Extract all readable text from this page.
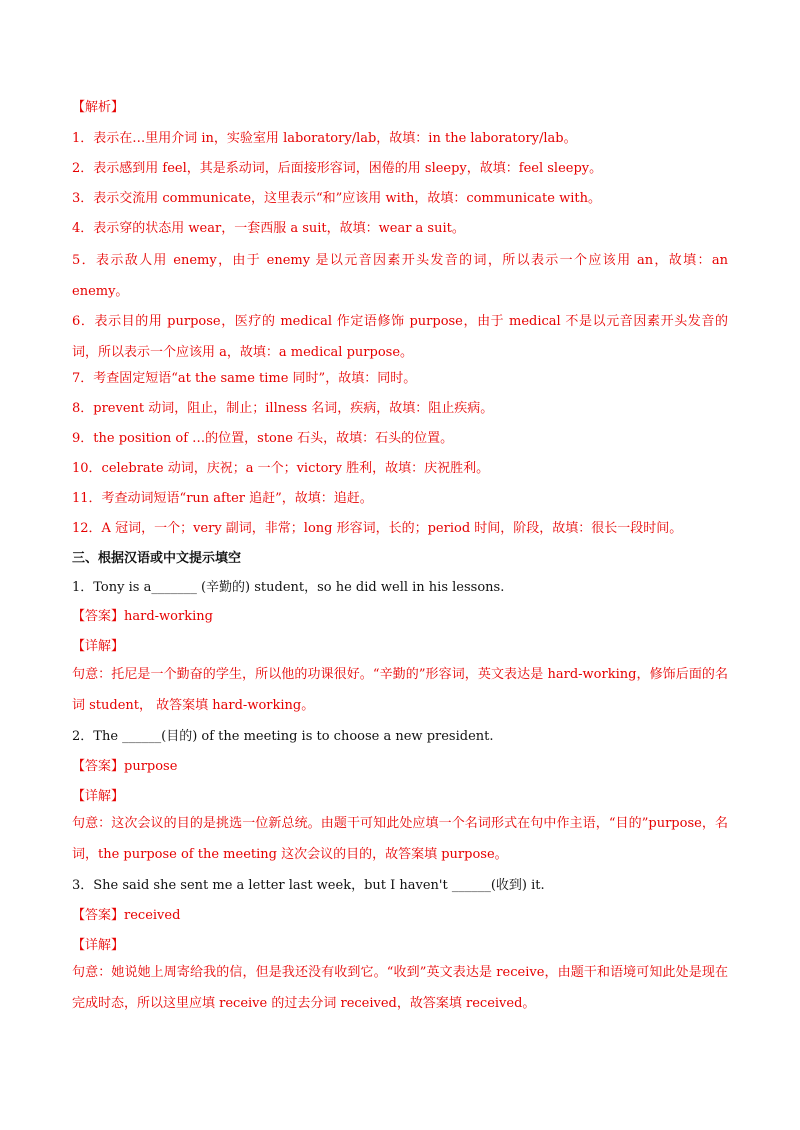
【解析】
1．表示在…里用介词 in，实验室用 laboratory/lab，故填：in the laboratory/lab。
2．表示感到用 feel，其是系动词，后面接形容词，困倦的用 sleepy，故填：feel sleepy。
3．表示交流用 communicate，这里表示“和”应该用 with，故填：communicate with。
4．表示穿的状态用 wear，一套西服 a suit，故填：wear a suit。
5．表示敌人用 enemy，由于 enemy 是以元音因素开头发音的词，所以表示一个应该用 an，故填：an enemy。
6．表示目的用 purpose，医疗的 medical 作定语修饰 purpose，由于 medical 不是以元音因素开头发音的词，所以表示一个应该用 a，故填：a medical purpose。
7．考查固定短语“at the same time 同时”，故填：同时。
8．prevent 动词，阻止，制止；illness 名词，疾病，故填：阻止疾病。
9．the position of …的位置，stone 石头，故填：石头的位置。
10．celebrate 动词，庆祝；a 一个；victory 胜利，故填：庆祝胜利。
11．考查动词短语“run after 追赶”，故填：追赶。
12．A 冠词，一个；very 副词，非常；long 形容词，长的；period 时间，阶段，故填：很长一段时间。
三、根据汉语或中文提示填空
1．Tony is a_______ (辛勤的) student，so he did well in his lessons.
【答案】hard-working
【详解】
句意：托尼是一个勤奋的学生，所以他的功课很好。“辛勤的”形容词，英文表达是 hard-working，修饰后面的名词 student， 故答案填 hard-working。
2．The ______(目的) of the meeting is to choose a new president.
【答案】purpose
【详解】
句意：这次会议的目的是挑选一位新总统。由题干可知此处应填一个名词形式在句中作主语，“目的”purpose，名词，the purpose of the meeting 这次会议的目的，故答案填 purpose。
3．She said she sent me a letter last week，but I haven't ______(收到) it.
【答案】received
【详解】
句意：她说她上周寄给我的信，但是我还没有收到它。“收到”英文表达是 receive，由题干和语境可知此处是现在完成时态，所以这里应填 receive 的过去分词 received，故答案填 received。
